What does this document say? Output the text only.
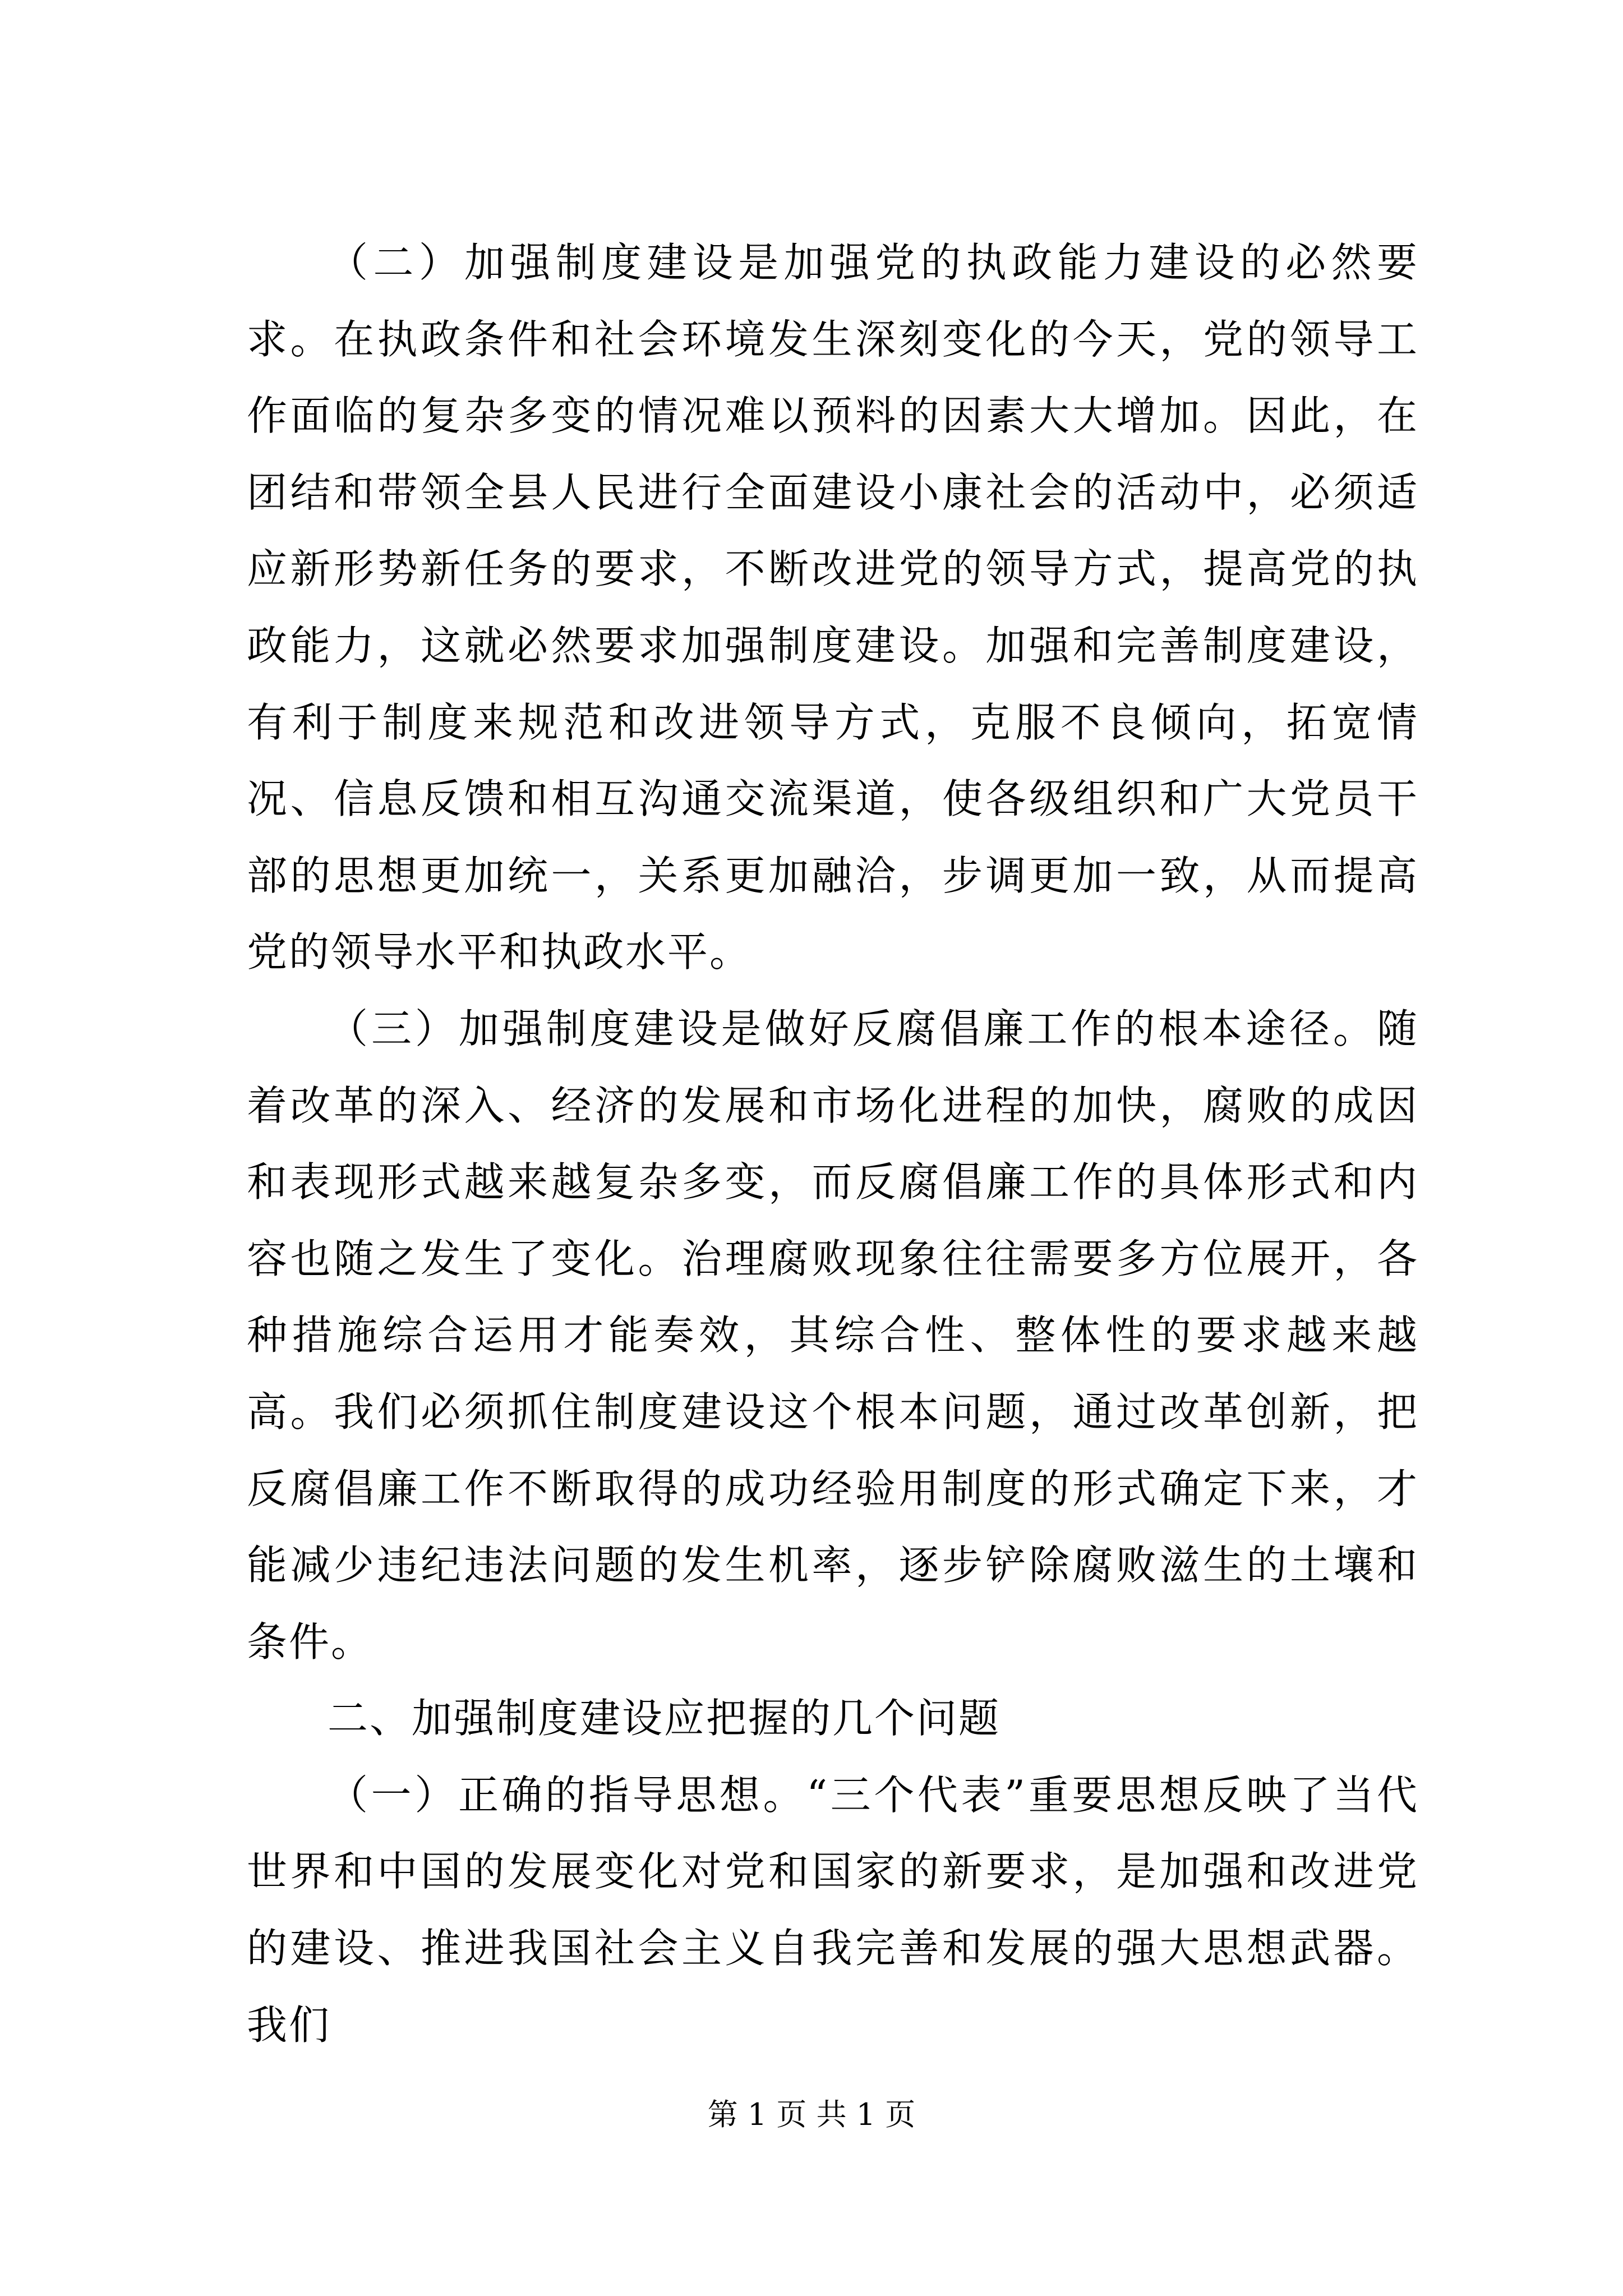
（二）加强制度建设是加强党的执政能力建设的必然要求。在执政条件和社会环境发生深刻变化的今天，党的领导工作面临的复杂多变的情况难以预料的因素大大增加。因此，在团结和带领全县人民进行全面建设小康社会的活动中，必须适应新形势新任务的要求，不断改进党的领导方式，提高党的执政能力，这就必然要求加强制度建设。加强和完善制度建设，有利于制度来规范和改进领导方式，克服不良倾向，拓宽情况、信息反馈和相互沟通交流渠道，使各级组织和广大党员干部的思想更加统一，关系更加融洽，步调更加一致，从而提高党的领导水平和执政水平。

（三）加强制度建设是做好反腐倡廉工作的根本途径。随着改革的深入、经济的发展和市场化进程的加快，腐败的成因和表现形式越来越复杂多变，而反腐倡廉工作的具体形式和内容也随之发生了变化。治理腐败现象往往需要多方位展开，各种措施综合运用才能奏效，其综合性、整体性的要求越来越高。我们必须抓住制度建设这个根本问题，通过改革创新，把反腐倡廉工作不断取得的成功经验用制度的形式确定下来，才能减少违纪违法问题的发生机率，逐步铲除腐败滋生的土壤和条件。

二、加强制度建设应把握的几个问题

（一）正确的指导思想。“三个代表”重要思想反映了当代世界和中国的发展变化对党和国家的新要求，是加强和改进党的建设、推进我国社会主义自我完善和发展的强大思想武器。我们

第 1 页 共 1 页
